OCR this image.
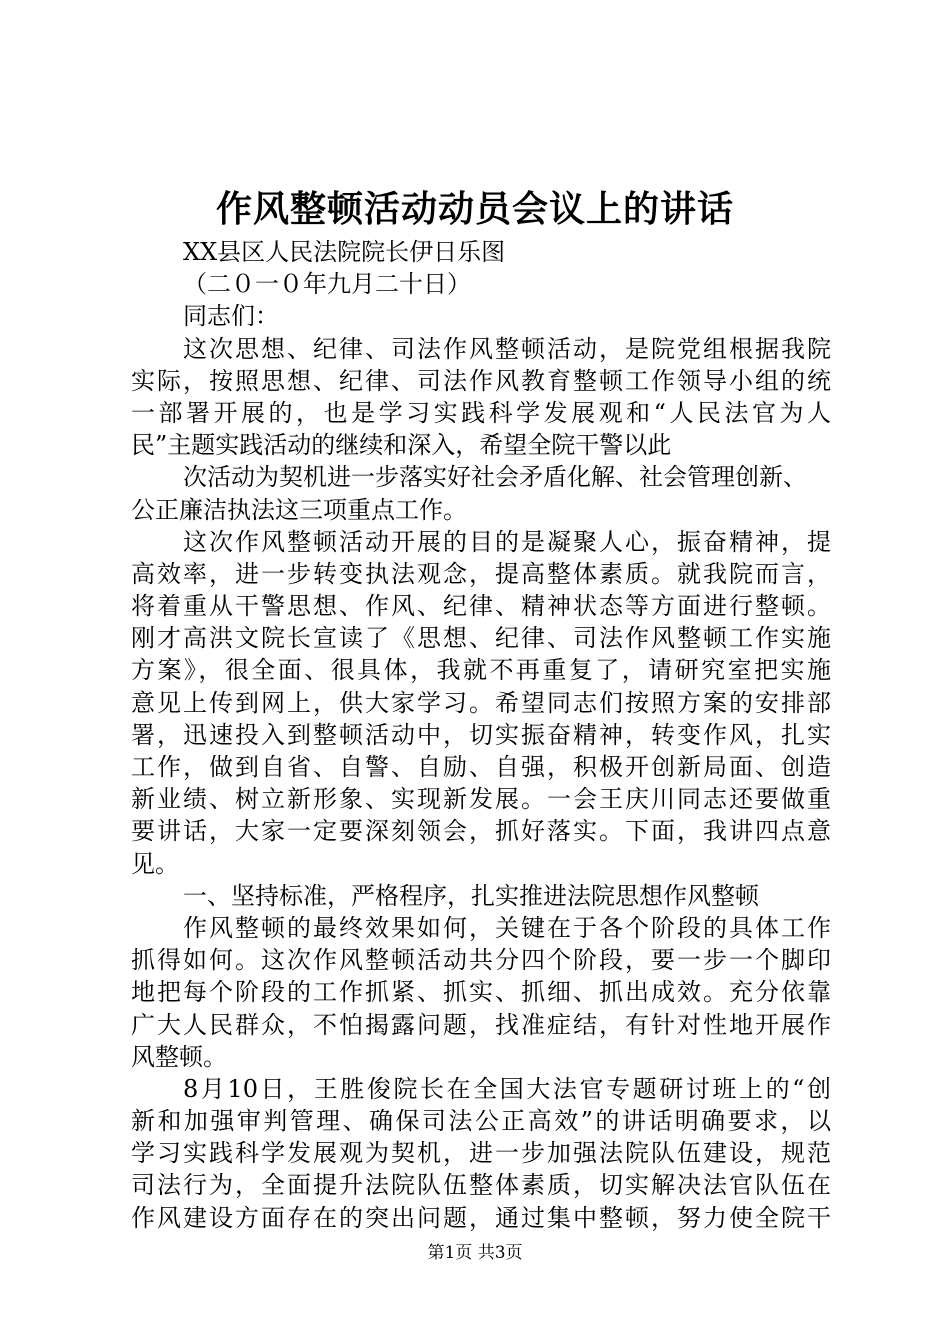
作风整顿活动动员会议上的讲话
XX县区人民法院院长伊日乐图
（二０一０年九月二十日）
同志们：
这次思想、纪律、司法作风整顿活动，是院党组根据我院
实际，按照思想、纪律、司法作风教育整顿工作领导小组的统
一部署开展的，也是学习实践科学发展观和“人民法官为人
民”主题实践活动的继续和深入，希望全院干警以此
次活动为契机进一步落实好社会矛盾化解、社会管理创新、
公正廉洁执法这三项重点工作。
这次作风整顿活动开展的目的是凝聚人心，振奋精神，提
高效率，进一步转变执法观念，提高整体素质。就我院而言，
将着重从干警思想、作风、纪律、精神状态等方面进行整顿。
刚才高洪文院长宣读了《思想、纪律、司法作风整顿工作实施
方案》，很全面、很具体，我就不再重复了，请研究室把实施
意见上传到网上，供大家学习。希望同志们按照方案的安排部
署，迅速投入到整顿活动中，切实振奋精神，转变作风，扎实
工作，做到自省、自警、自励、自强，积极开创新局面、创造
新业绩、树立新形象、实现新发展。一会王庆川同志还要做重
要讲话，大家一定要深刻领会，抓好落实。下面，我讲四点意
见。
一、坚持标准，严格程序，扎实推进法院思想作风整顿
作风整顿的最终效果如何，关键在于各个阶段的具体工作
抓得如何。这次作风整顿活动共分四个阶段，要一步一个脚印
地把每个阶段的工作抓紧、抓实、抓细、抓出成效。充分依靠
广大人民群众，不怕揭露问题，找准症结，有针对性地开展作
风整顿。
8月10日，王胜俊院长在全国大法官专题研讨班上的“创
新和加强审判管理、确保司法公正高效”的讲话明确要求，以
学习实践科学发展观为契机，进一步加强法院队伍建设，规范
司法行为，全面提升法院队伍整体素质，切实解决法官队伍在
作风建设方面存在的突出问题，通过集中整顿，努力使全院干
第1页 共3页
